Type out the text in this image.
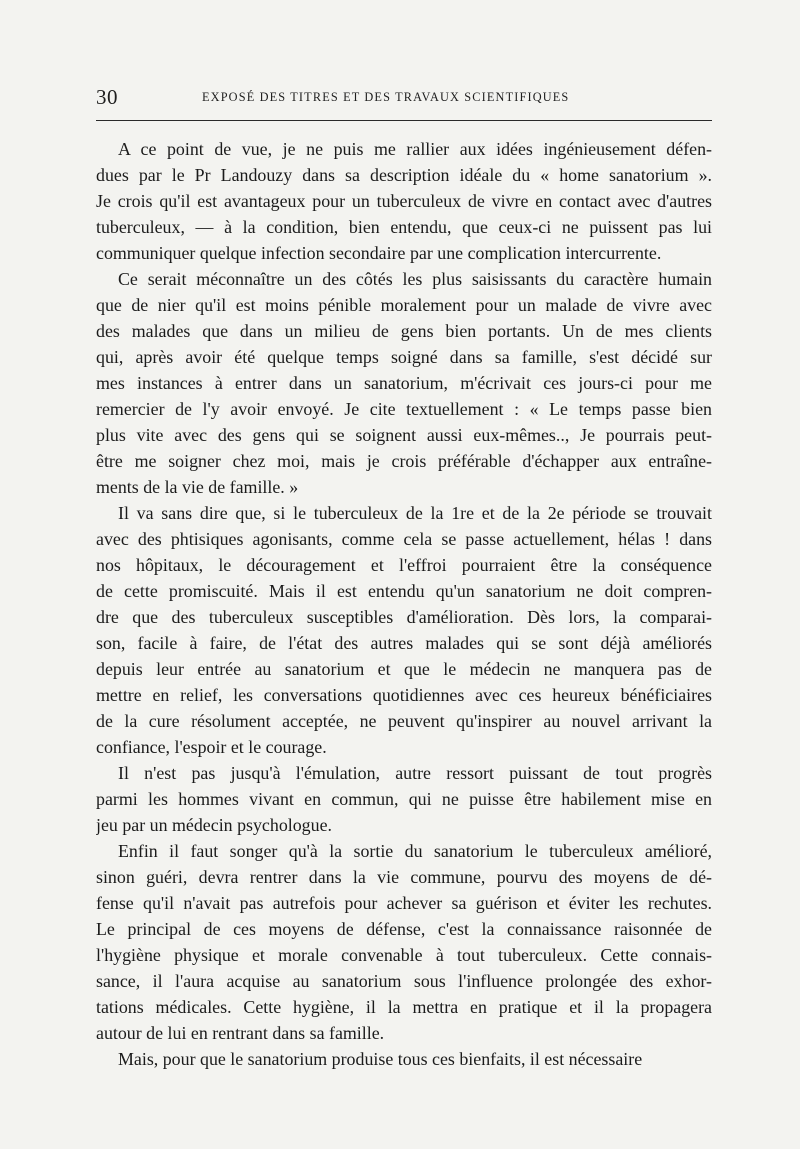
30	EXPOSÉ DES TITRES ET DES TRAVAUX SCIENTIFIQUES
A ce point de vue, je ne puis me rallier aux idées ingénieusement défen-
dues par le Pr Landouzy dans sa description idéale du « home sanatorium ».
Je crois qu'il est avantageux pour un tuberculeux de vivre en contact avec d'autres
tuberculeux, — à la condition, bien entendu, que ceux-ci ne puissent pas lui
communiquer quelque infection secondaire par une complication intercurrente.
Ce serait méconnaître un des côtés les plus saisissants du caractère humain
que de nier qu'il est moins pénible moralement pour un malade de vivre avec
des malades que dans un milieu de gens bien portants. Un de mes clients
qui, après avoir été quelque temps soigné dans sa famille, s'est décidé sur
mes instances à entrer dans un sanatorium, m'écrivait ces jours-ci pour me
remercier de l'y avoir envoyé. Je cite textuellement : « Le temps passe bien
plus vite avec des gens qui se soignent aussi eux-mêmes.., Je pourrais peut-
être me soigner chez moi, mais je crois préférable d'échapper aux entraîne-
ments de la vie de famille. »
Il va sans dire que, si le tuberculeux de la 1re et de la 2e période se trouvait
avec des phtisiques agonisants, comme cela se passe actuellement, hélas ! dans
nos hôpitaux, le découragement et l'effroi pourraient être la conséquence
de cette promiscuité. Mais il est entendu qu'un sanatorium ne doit compren-
dre que des tuberculeux susceptibles d'amélioration. Dès lors, la comparai-
son, facile à faire, de l'état des autres malades qui se sont déjà améliorés
depuis leur entrée au sanatorium et que le médecin ne manquera pas de
mettre en relief, les conversations quotidiennes avec ces heureux bénéficiaires
de la cure résolument acceptée, ne peuvent qu'inspirer au nouvel arrivant la
confiance, l'espoir et le courage.
Il n'est pas jusqu'à l'émulation, autre ressort puissant de tout progrès
parmi les hommes vivant en commun, qui ne puisse être habilement mise en
jeu par un médecin psychologue.
Enfin il faut songer qu'à la sortie du sanatorium le tuberculeux amélioré,
sinon guéri, devra rentrer dans la vie commune, pourvu des moyens de dé-
fense qu'il n'avait pas autrefois pour achever sa guérison et éviter les rechutes.
Le principal de ces moyens de défense, c'est la connaissance raisonnée de
l'hygiène physique et morale convenable à tout tuberculeux. Cette connais-
sance, il l'aura acquise au sanatorium sous l'influence prolongée des exhor-
tations médicales. Cette hygiène, il la mettra en pratique et il la propagera
autour de lui en rentrant dans sa famille.
Mais, pour que le sanatorium produise tous ces bienfaits, il est nécessaire
